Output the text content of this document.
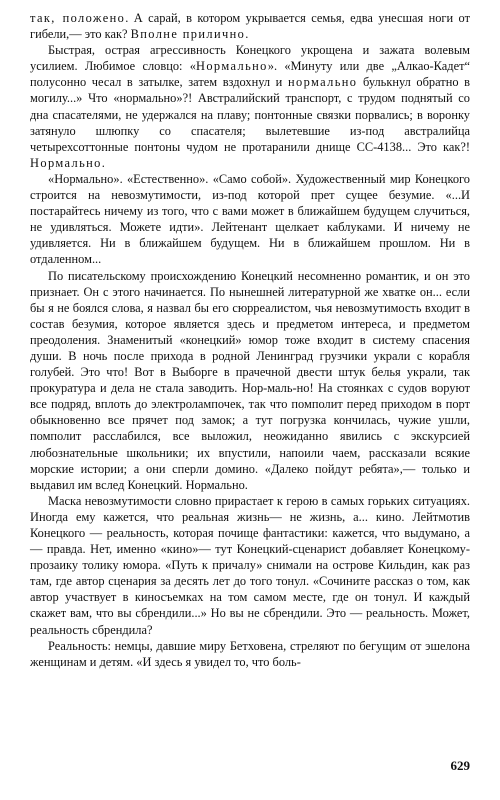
так, положено. А сарай, в котором укрывается семья, едва унесшая ноги от гибели,— это как? Вполне прилично.

Быстрая, острая агрессивность Конецкого укрощена и зажата волевым усилием. Любимое словцо: «Нормально». «Минуту или две „Алкао-Кадет“ полусонно чесал в затылке, затем вздохнул и нормально булькнул обратно в могилу...» Что «нормально»?! Австралийский транспорт, с трудом поднятый со дна спасателями, не удержался на плаву; понтонные связки порвались; в воронку затянуло шлюпку со спасателя; вылетевшие из-под австралийца четырехсоттонные понтоны чудом не протаранили днище СС-4138... Это как?! Нормально.

«Нормально». «Естественно». «Само собой». Художественный мир Конецкого строится на невозмутимости, из-под которой прет сущее безумие. «...И постарайтесь ничему из того, что с вами может в ближайшем будущем случиться, не удивляться. Можете идти». Лейтенант щелкает каблуками. И ничему не удивляется. Ни в ближайшем будущем. Ни в ближайшем прошлом. Ни в отдаленном...

По писательскому происхождению Конецкий несомненно романтик, и он это признает. Он с этого начинается. По нынешней литературной же хватке он... если бы я не боялся слова, я назвал бы его сюрреалистом, чья невозмутимость входит в состав безумия, которое является здесь и предметом интереса, и предметом преодоления. Знаменитый «конецкий» юмор тоже входит в систему спасения души. В ночь после прихода в родной Ленинград грузчики украли с корабля голубей. Это что! Вот в Выборге в прачечной двести штук белья украли, так прокуратура и дела не стала заводить. Нор-маль-но! На стоянках с судов воруют все подряд, вплоть до электролампочек, так что помполит перед приходом в порт обыкновенно все прячет под замок; а тут погрузка кончилась, чужие ушли, помполит расслабился, все выложил, неожиданно явились с экскурсией любознательные школьники; их впустили, напоили чаем, рассказали всякие морские истории; а они сперли домино. «Далеко пойдут ребята»,— только и выдавил им вслед Конецкий. Нормально.

Маска невозмутимости словно прирастает к герою в самых горьких ситуациях. Иногда ему кажется, что реальная жизнь— не жизнь, а... кино. Лейтмотив Конецкого — реальность, которая почище фантастики: кажется, что выдумано, а — правда. Нет, именно «кино»— тут Конецкий-сценарист добавляет Конецкому-прозаику толику юмора. «Путь к причалу» снимали на острове Кильдин, как раз там, где автор сценария за десять лет до того тонул. «Сочините рассказ о том, как автор участвует в киносъемках на том самом месте, где он тонул. И каждый скажет вам, что вы сбрендили...» Но вы не сбрендили. Это — реальность. Может, реальность сбрендила?

Реальность: немцы, давшие миру Бетховена, стреляют по бегущим от эшелона женщинам и детям. «И здесь я увидел то, что боль-

629
